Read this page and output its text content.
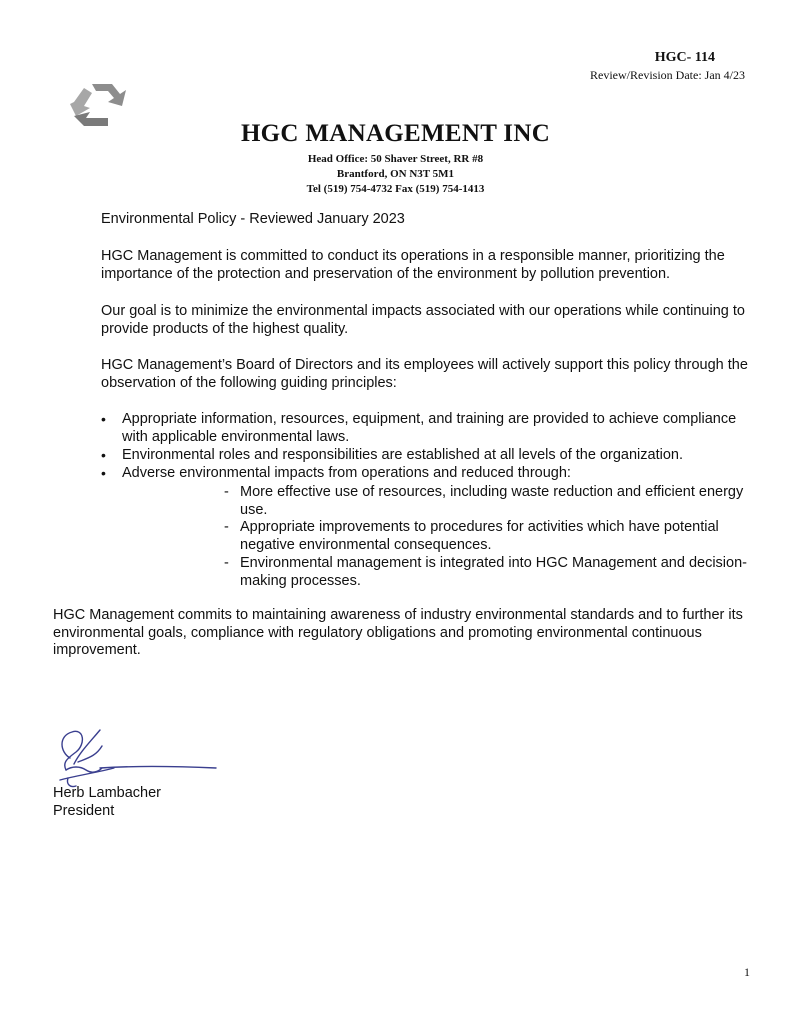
HGC- 114
Review/Revision Date: Jan 4/23
HGC MANAGEMENT INC
Head Office: 50 Shaver Street, RR #8
Brantford, ON N3T 5M1
Tel (519) 754-4732 Fax (519) 754-1413
Environmental Policy - Reviewed January 2023
HGC Management is committed to conduct its operations in a responsible manner, prioritizing the importance of the protection and preservation of the environment by pollution prevention.
Our goal is to minimize the environmental impacts associated with our operations while continuing to provide products of the highest quality.
HGC Management’s Board of Directors and its employees will actively support this policy through the observation of the following guiding principles:
• Appropriate information, resources, equipment, and training are provided to achieve compliance with applicable environmental laws.
• Environmental roles and responsibilities are established at all levels of the organization.
• Adverse environmental impacts from operations and reduced through:
- More effective use of resources, including waste reduction and efficient energy use.
- Appropriate improvements to procedures for activities which have potential negative environmental consequences.
- Environmental management is integrated into HGC Management and decision-making processes.
HGC Management commits to maintaining awareness of industry environmental standards and to further its environmental goals, compliance with regulatory obligations and promoting environmental continuous improvement.
Herb Lambacher
President
1
